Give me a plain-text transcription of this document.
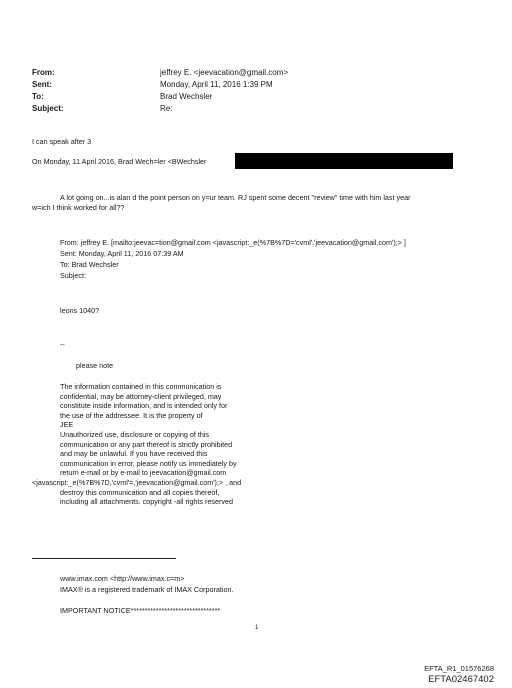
From:	jeffrey E. <jeevacation@gmail.com>
Sent:	Monday, April 11, 2016 1:39 PM
To:	Brad Wechsler
Subject:	Re:
I can speak after 3
On Monday, 11 April 2016, Brad Wech=ler <BWechsler
A lot going on...is alan d the point person on y=ur team. RJ spent some decent "review" time with him last year
w=ich I think worked for all??
From: jeffrey E. [mailto:jeevac=tion@gmail.com <javascript:_e(%7B%7D='cvml','jeevacation@gmail.com');> ]
Sent: Monday, April 11, 2016 07:39 AM
To: Brad Wechsler
Subject:
leons 1040?
--
please note
The information contained in this communication is
confidential, may be attorney-client privileged, may
constitute inside information, and is intended only for
the use of the addressee. It is the property of
JEE
Unauthorized use, disclosure or copying of this
communication or any part thereof is strictly prohibited
and may be unlawful. If you have received this
communication in error, please notify us immediately by
return e-mail or by e-mail to jeevacation@gmail.com
<javascript:_e(%7B%7D,'cvml'=,'jeevacation@gmail.com');> , and
destroy this communication and all copies thereof,
including all attachments. copyright -all rights reserved
www.imax.com <http://www.imax.c=m>
IMAX® is a registered trademark of IMAX Corporation.
IMPORTANT NOTICE********************************
1
EFTA_R1_01576268
EFTA02467402
